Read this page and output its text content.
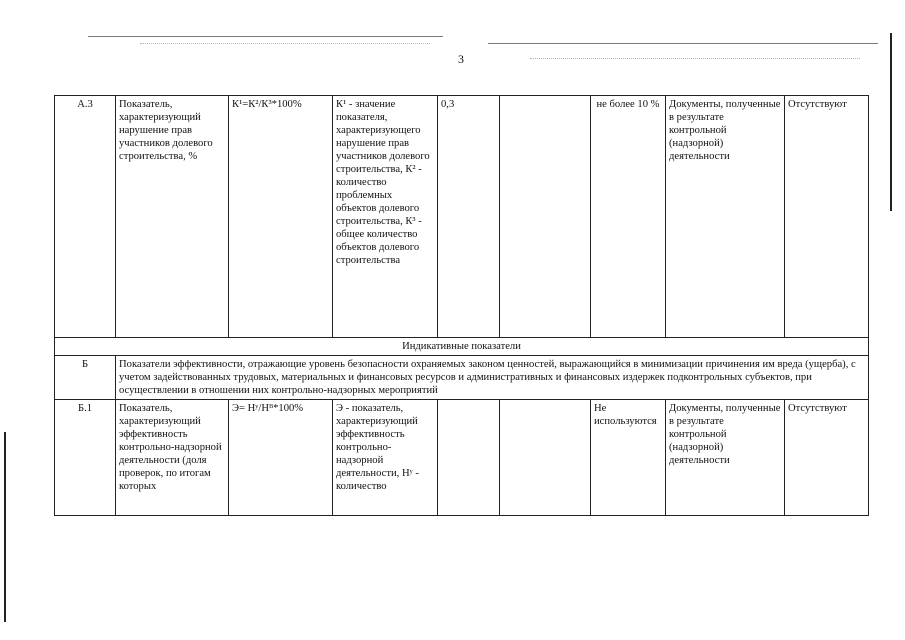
3
А.3	Показатель, характеризующий нарушение прав участников долевого строительства, %	К¹=К²/К³*100%	К¹ - значение показателя, характеризующего нарушение прав участников долевого строительства, К² - количество проблемных объектов долевого строительства, К³ - общее количество объектов долевого строительства	0,3		не более 10 %	Документы, полученные в результате контрольной (надзорной) деятельности	Отсутствуют
Индикативные показатели								
Б	Показатели эффективности, отражающие уровень безопасности охраняемых законом ценностей, выражающийся в минимизации причинения им вреда (ущерба), с учетом задействованных трудовых, материальных и финансовых ресурсов и административных и финансовых издержек подконтрольных субъектов, при осуществлении в отношении них контрольно-надзорных мероприятий							
Б.1	Показатель, характеризующий эффективность контрольно-надзорной деятельности (доля проверок, по итогам которых	Э= Нʸ/Нᴮ*100%	Э - показатель, характеризующий эффективность контрольно-надзорной деятельности, Нʸ - количество			Не используются	Документы, полученные в результате контрольной (надзорной) деятельности	Отсутствуют
